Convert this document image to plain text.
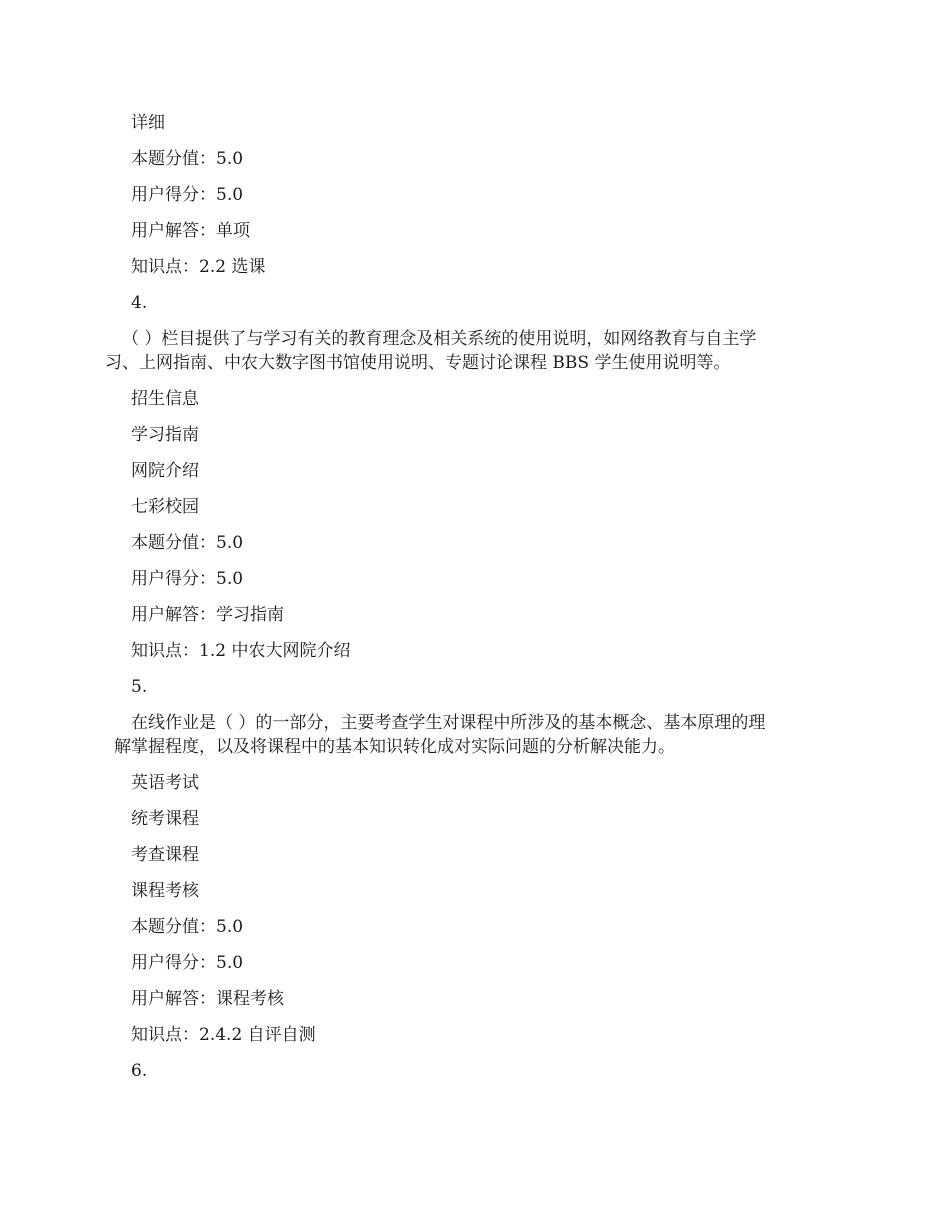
详细
本题分值：5.0
用户得分：5.0
用户解答：单项
知识点：2.2 选课
4.
（ ）栏目提供了与学习有关的教育理念及相关系统的使用说明，如网络教育与自主学
习、上网指南、中农大数字图书馆使用说明、专题讨论课程 BBS 学生使用说明等。
招生信息
学习指南
网院介绍
七彩校园
本题分值：5.0
用户得分：5.0
用户解答：学习指南
知识点：1.2 中农大网院介绍
5.
在线作业是（ ）的一部分，主要考查学生对课程中所涉及的基本概念、基本原理的理
解掌握程度，以及将课程中的基本知识转化成对实际问题的分析解决能力。
英语考试
统考课程
考查课程
课程考核
本题分值：5.0
用户得分：5.0
用户解答：课程考核
知识点：2.4.2 自评自测
6.
